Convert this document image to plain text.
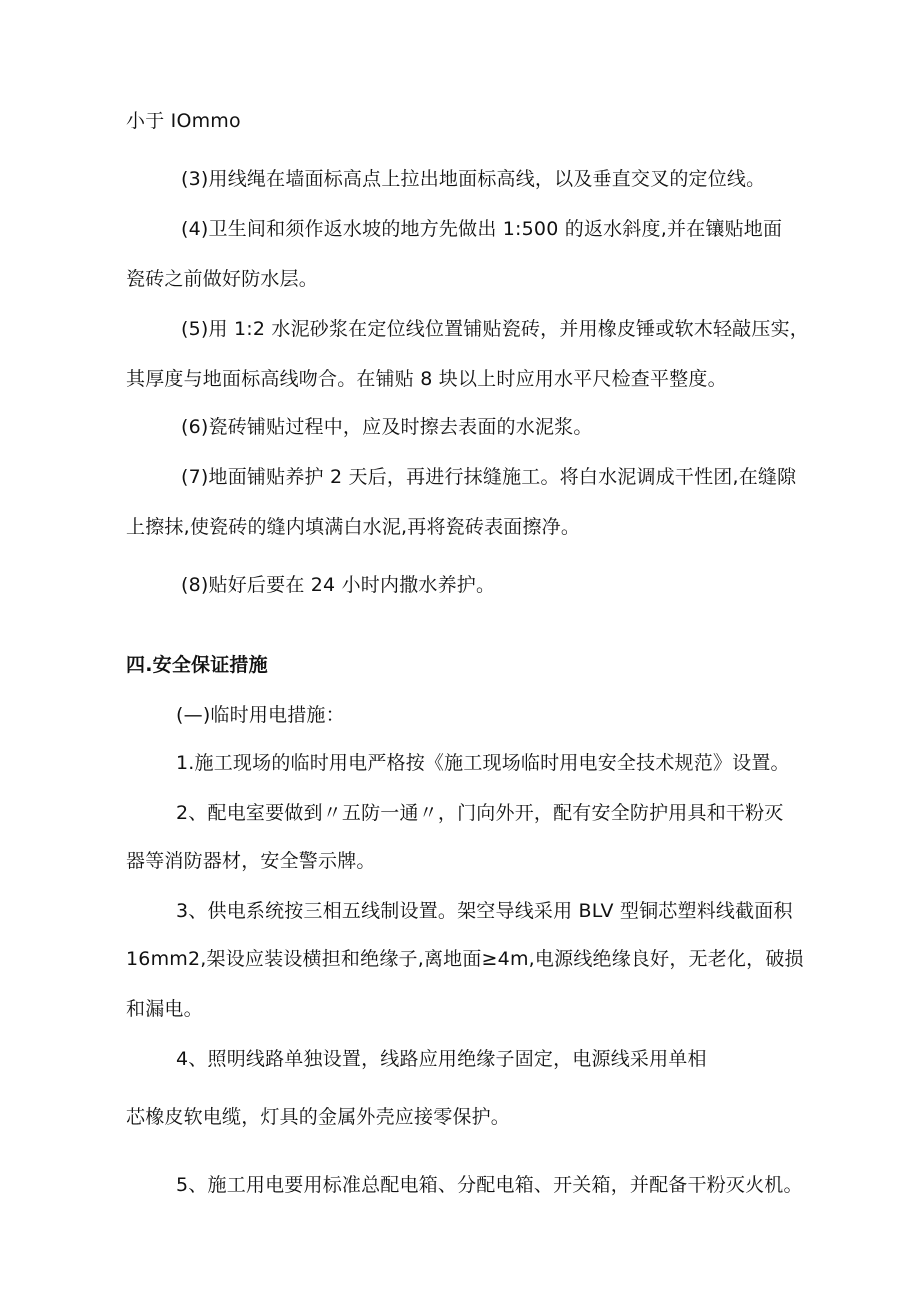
小于 IOmmo
(3)用线绳在墙面标高点上拉出地面标高线，以及垂直交叉的定位线。
(4)卫生间和须作返水坡的地方先做出 1:500 的返水斜度,并在镶贴地面
瓷砖之前做好防水层。
(5)用 1:2 水泥砂浆在定位线位置铺贴瓷砖，并用橡皮锤或软木轻敲压实，
其厚度与地面标高线吻合。在铺贴 8 块以上时应用水平尺检查平整度。
(6)瓷砖铺贴过程中，应及时擦去表面的水泥浆。
(7)地面铺贴养护 2 天后，再进行抹缝施工。将白水泥调成干性团,在缝隙
上擦抹,使瓷砖的缝内填满白水泥,再将瓷砖表面擦净。
(8)贴好后要在 24 小时内撒水养护。
四.安全保证措施
(—)临时用电措施：
1.施工现场的临时用电严格按《施工现场临时用电安全技术规范》设置。
2、配电室要做到〃五防一通〃，门向外开，配有安全防护用具和干粉灭
器等消防器材，安全警示牌。
3、供电系统按三相五线制设置。架空导线采用 BLV 型铜芯塑料线截面积
16mm2,架设应装设横担和绝缘子,离地面≥4m,电源线绝缘良好，无老化，破损
和漏电。
4、照明线路单独设置，线路应用绝缘子固定，电源线采用单相
芯橡皮软电缆，灯具的金属外壳应接零保护。
5、施工用电要用标准总配电箱、分配电箱、开关箱，并配备干粉灭火机。
